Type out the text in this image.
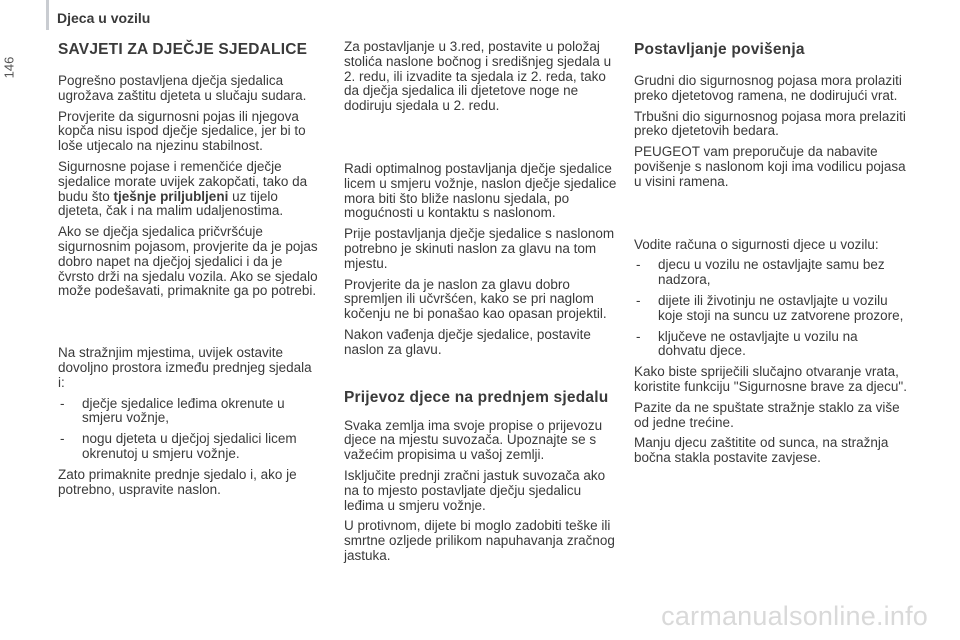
Djeca u vozilu
146
SAVJETI ZA DJEČJE SJEDALICE

Pogrešno postavljena dječja sjedalica ugrožava zaštitu djeteta u slučaju sudara.

Provjerite da sigurnosni pojas ili njegova kopča nisu ispod dječje sjedalice, jer bi to loše utjecalo na njezinu stabilnost.

Sigurnosne pojase i remenčiće dječje sjedalice morate uvijek zakopčati, tako da budu što tješnje priljubljeni uz tijelo djeteta, čak i na malim udaljenostima.

Ako se dječja sjedalica pričvršćuje sigurnosnim pojasom, provjerite da je pojas dobro napet na dječjoj sjedalici i da je čvrsto drži na sjedalu vozila. Ako se sjedalo može podešavati, primaknite ga po potrebi.

Na stražnjim mjestima, uvijek ostavite dovoljno prostora između prednjeg sjedala i:

- dječje sjedalice leđima okrenute u smjeru vožnje,
- nogu djeteta u dječjoj sjedalici licem okrenutoj u smjeru vožnje.

Zato primaknite prednje sjedalo i, ako je potrebno, uspravite naslon.

Za postavljanje u 3.red, postavite u položaj stolića naslone bočnog i središnjeg sjedala u 2. redu, ili izvadite ta sjedala iz 2. reda, tako da dječja sjedalica ili djetetove noge ne dodiruju sjedala u 2. redu.

Radi optimalnog postavljanja dječje sjedalice licem u smjeru vožnje, naslon dječje sjedalice mora biti što bliže naslonu sjedala, po mogućnosti u kontaktu s naslonom.

Prije postavljanja dječje sjedalice s naslonom potrebno je skinuti naslon za glavu na tom mjestu.

Provjerite da je naslon za glavu dobro spremljen ili učvršćen, kako se pri naglom kočenju ne bi ponašao kao opasan projektil.

Nakon vađenja dječje sjedalice, postavite naslon za glavu.

Prijevoz djece na prednjem sjedalu

Svaka zemlja ima svoje propise o prijevozu djece na mjestu suvozača. Upoznajte se s važećim propisima u vašoj zemlji.

Isključite prednji zračni jastuk suvozača ako na to mjesto postavljate dječju sjedalicu leđima u smjeru vožnje.

U protivnom, dijete bi moglo zadobiti teške ili smrtne ozljede prilikom napuhavanja zračnog jastuka.

Postavljanje povišenja

Grudni dio sigurnosnog pojasa mora prolaziti preko djetetovog ramena, ne dodirujući vrat.

Trbušni dio sigurnosnog pojasa mora prelaziti preko djetetovih bedara.

PEUGEOT vam preporučuje da nabavite povišenje s naslonom koji ima vodilicu pojasa u visini ramena.

Vodite računa o sigurnosti djece u vozilu:

- djecu u vozilu ne ostavljajte samu bez nadzora,
- dijete ili životinju ne ostavljajte u vozilu koje stoji na suncu uz zatvorene prozore,
- ključeve ne ostavljajte u vozilu na dohvatu djece.

Kako biste spriječili slučajno otvaranje vrata, koristite funkciju "Sigurnosne brave za djecu".

Pazite da ne spuštate stražnje staklo za više od jedne trećine.

Manju djecu zaštitite od sunca, na stražnja bočna stakla postavite zavjese.

carmanualsonline.info
